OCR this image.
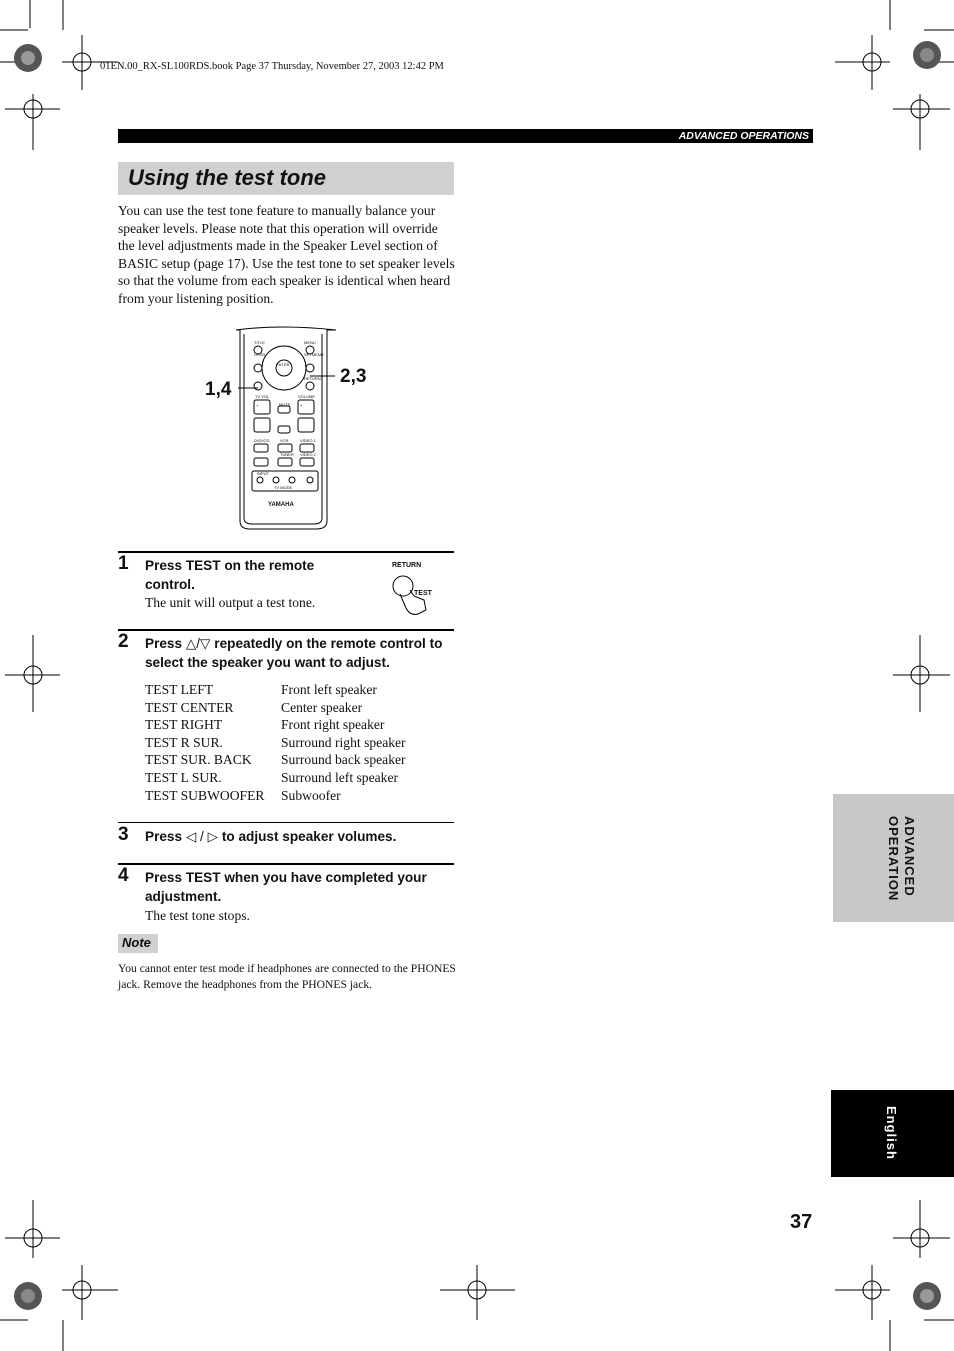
01EN.00_RX-SL100RDS.book Page 37 Thursday, November 27, 2003 12:42 PM
ADVANCED OPERATIONS
Using the test tone
You can use the test tone feature to manually balance your speaker levels. Please note that this operation will override the level adjustments made in the Speaker Level section of BASIC setup (page 17). Use the test tone to set speaker levels so that the volume from each speaker is identical when heard from your listening position.
+	+
1,4
2,3
YAMAHA
VOLUME
TV VOL
ENTER
DVD/CD	VCR	VIDEO 1
TUNER VIDEO 2
TITLE	MENU
LEVEL	SETMENU
RETURN
MUTE
INPUT
TV MODE
1 Press TEST on the remote control.
The unit will output a test tone.
RETURN
TEST
2 Press △/▽ repeatedly on the remote control to select the speaker you want to adjust.
TEST LEFT	Front left speaker
TEST CENTER	Center speaker
TEST RIGHT	Front right speaker
TEST R SUR.	Surround right speaker
TEST SUR. BACK	Surround back speaker
TEST L SUR.	Surround left speaker
TEST SUBWOOFER	Subwoofer
3 Press ◁ / ▷ to adjust speaker volumes.
4 Press TEST when you have completed your adjustment.
The test tone stops.
Note
You cannot enter test mode if headphones are connected to the PHONES jack. Remove the headphones from the PHONES jack.
ADVANCED
OPERATION
English
37
